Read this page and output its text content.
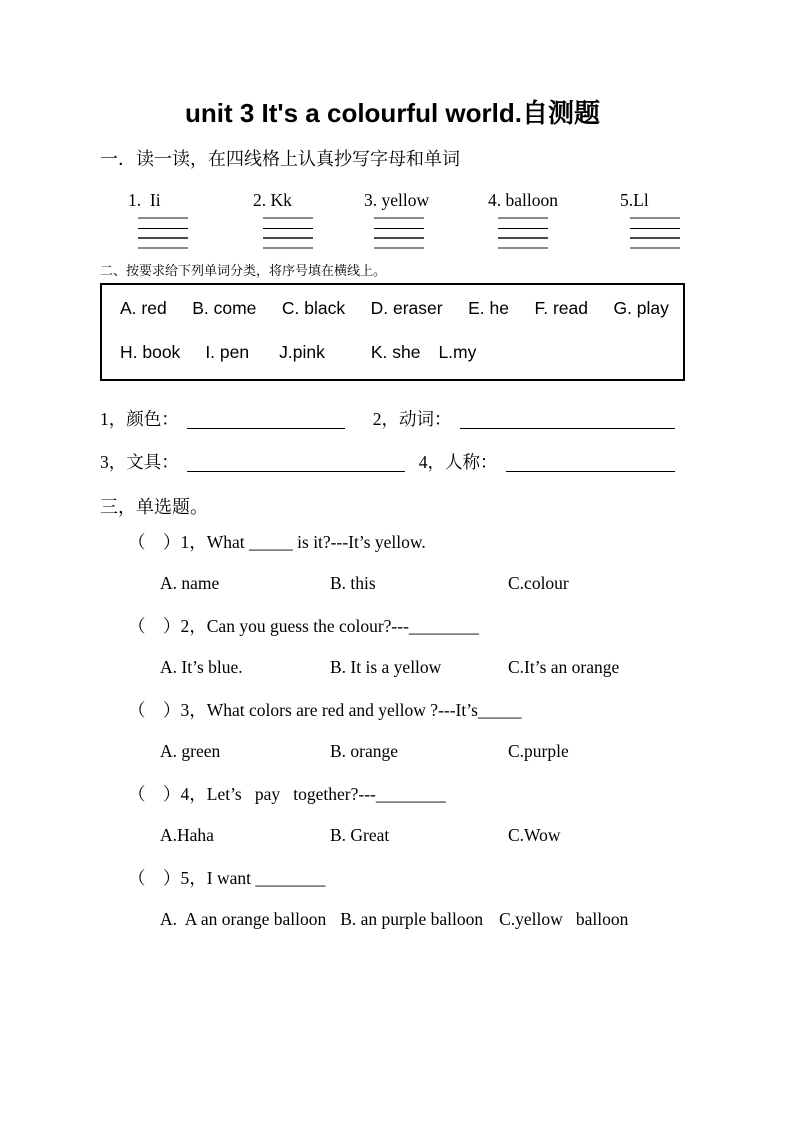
unit 3 It's a colourful world.自测题
一．读一读，在四线格上认真抄写字母和单词
1.  Ii	2. Kk	3. yellow	4. balloon	5.Ll
二、按要求给下列单词分类，将序号填在横线上。
A. red B. come C. black D. eraser E. he F. read G. play
H. book I. pen J.pink	K. she L.my
1，颜色：	2，动词：
3，文具：	4，人称：
三，单选题。
（　）1，What _____ is it?---It’s yellow.
A. name	B. this	C.colour
（　）2，Can you guess the colour?---________
A. It’s blue.	B. It is a yellow	C.It’s an orange
（　）3，What colors are red and yellow ?---It’s_____
A. green	B. orange	C.purple
（　）4，Let’s   pay   together?---________
A.Haha	B. Great	C.Wow
（　）5，I want ________
A.  A an orange balloon B. an purple balloon C.yellow   balloon
